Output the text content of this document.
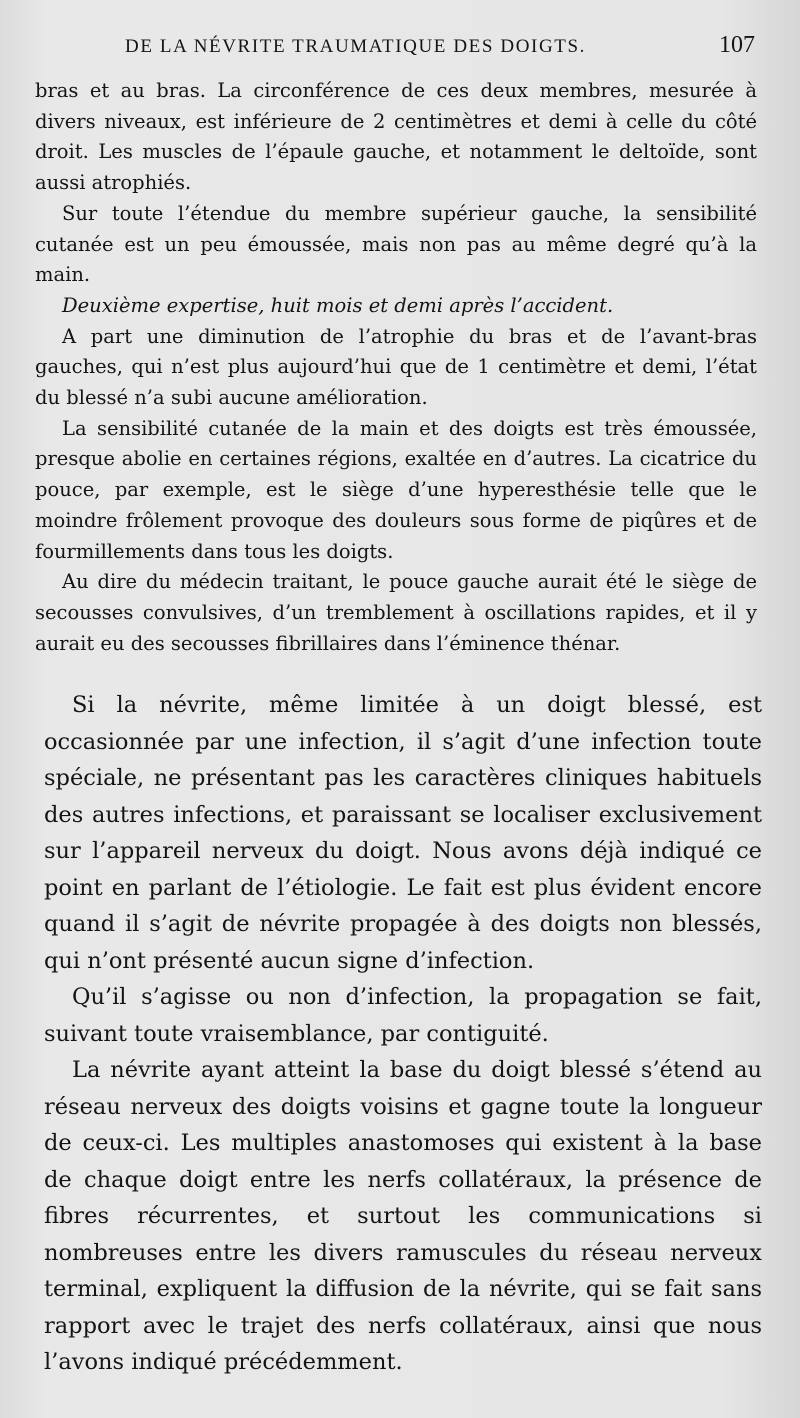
DE LA NÉVRITE TRAUMATIQUE DES DOIGTS.	107

bras et au bras. La circonférence de ces deux membres, mesurée à divers niveaux, est inférieure de 2 centimètres et demi à celle du côté droit. Les muscles de l’épaule gauche, et notamment le deltoïde, sont aussi atrophiés.

Sur toute l’étendue du membre supérieur gauche, la sensibilité cutanée est un peu émoussée, mais non pas au même degré qu’à la main.

Deuxième expertise, huit mois et demi après l’accident.

A part une diminution de l’atrophie du bras et de l’avant-bras gauches, qui n’est plus aujourd’hui que de 1 centimètre et demi, l’état du blessé n’a subi aucune amélioration.

La sensibilité cutanée de la main et des doigts est très émoussée, presque abolie en certaines régions, exaltée en d’autres. La cicatrice du pouce, par exemple, est le siège d’une hyperesthésie telle que le moindre frôlement provoque des douleurs sous forme de piqûres et de fourmillements dans tous les doigts.

Au dire du médecin traitant, le pouce gauche aurait été le siège de secousses convulsives, d’un tremblement à oscillations rapides, et il y aurait eu des secousses fibrillaires dans l’éminence thénar.

Si la névrite, même limitée à un doigt blessé, est occasionnée par une infection, il s’agit d’une infection toute spéciale, ne présentant pas les caractères cliniques habituels des autres infections, et paraissant se localiser exclusivement sur l’appareil nerveux du doigt. Nous avons déjà indiqué ce point en parlant de l’étiologie. Le fait est plus évident encore quand il s’agit de névrite propagée à des doigts non blessés, qui n’ont présenté aucun signe d’infection.

Qu’il s’agisse ou non d’infection, la propagation se fait, suivant toute vraisemblance, par contiguité.

La névrite ayant atteint la base du doigt blessé s’étend au réseau nerveux des doigts voisins et gagne toute la longueur de ceux-ci. Les multiples anastomoses qui existent à la base de chaque doigt entre les nerfs collatéraux, la présence de fibres récurrentes, et surtout les communications si nombreuses entre les divers ramuscules du réseau nerveux terminal, expliquent la diffusion de la névrite, qui se fait sans rapport avec le trajet des nerfs collatéraux, ainsi que nous l’avons indiqué précédemment.
